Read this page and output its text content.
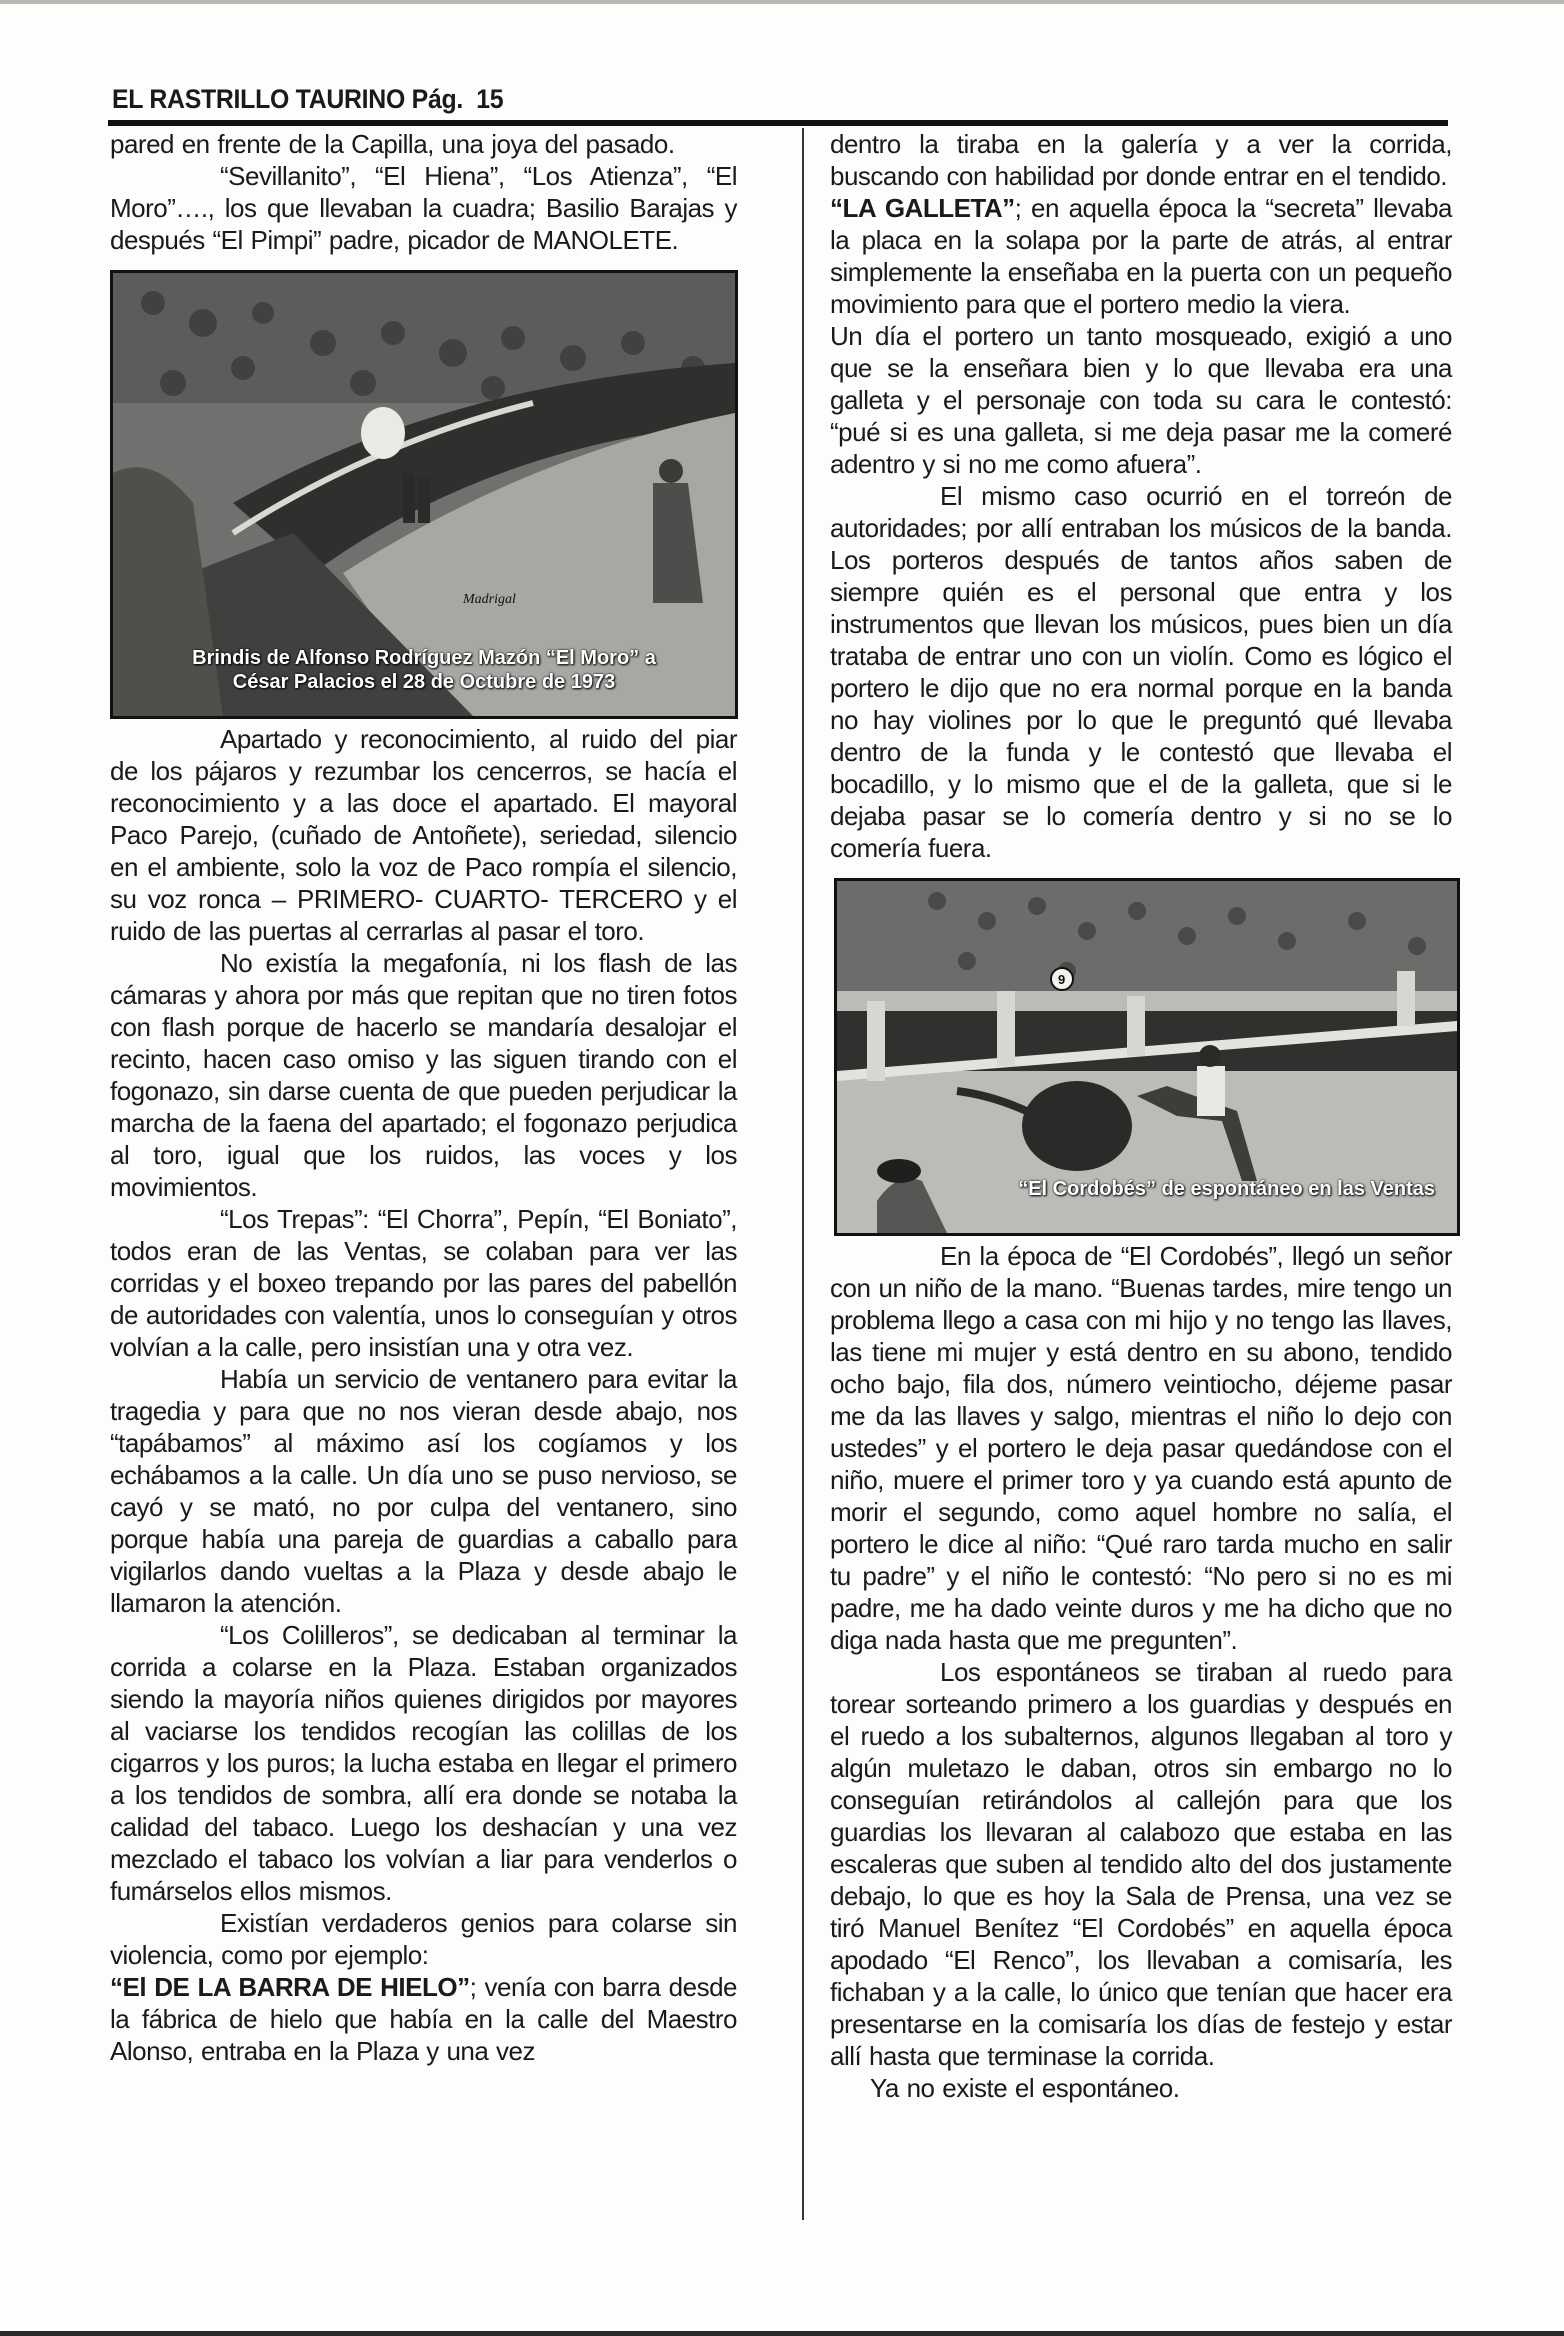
EL RASTRILLO TAURINO Pág. 15

pared en frente de la Capilla, una joya del pasado.

“Sevillanito”, “El Hiena”, “Los Atienza”, “El Moro”…., los que llevaban la cuadra; Basilio Barajas y después “El Pimpi” padre, picador de MANOLETE.

Madrigal
Brindis de Alfonso Rodríguez Mazón “El Moro” a
César Palacios el 28 de Octubre de 1973

Apartado y reconocimiento, al ruido del piar de los pájaros y rezumbar los cencerros, se hacía el reconocimiento y a las doce el apartado. El mayoral Paco Parejo, (cuñado de Antoñete), seriedad, silencio en el ambiente, solo la voz de Paco rompía el silencio, su voz ronca – PRIMERO- CUARTO- TERCERO y el ruido de las puertas al cerrarlas al pasar el toro.

No existía la megafonía, ni los flash de las cámaras y ahora por más que repitan que no tiren fotos con flash porque de hacerlo se mandaría desalojar el recinto, hacen caso omiso y las siguen tirando con el fogonazo, sin darse cuenta de que pueden perjudicar la marcha de la faena del apartado; el fogonazo perjudica al toro, igual que los ruidos, las voces y los movimientos.

“Los Trepas”: “El Chorra”, Pepín, “El Boniato”, todos eran de las Ventas, se colaban para ver las corridas y el boxeo trepando por las pares del pabellón de autoridades con valentía, unos lo conseguían y otros volvían a la calle, pero insistían una y otra vez.

Había un servicio de ventanero para evitar la tragedia y para que no nos vieran desde abajo, nos “tapábamos” al máximo así los cogíamos y los echábamos a la calle. Un día uno se puso nervioso, se cayó y se mató, no por culpa del ventanero, sino porque había una pareja de guardias a caballo para vigilarlos dando vueltas a la Plaza y desde abajo le llamaron la atención.

“Los Colilleros”, se dedicaban al terminar la corrida a colarse en la Plaza. Estaban organizados siendo la mayoría niños quienes dirigidos por mayores al vaciarse los tendidos recogían las colillas de los cigarros y los puros; la lucha estaba en llegar el primero a los tendidos de sombra, allí era donde se notaba la calidad del tabaco. Luego los deshacían y una vez mezclado el tabaco los volvían a liar para venderlos o fumárselos ellos mismos.

Existían verdaderos genios para colarse sin violencia, como por ejemplo:

“El DE LA BARRA DE HIELO”; venía con barra desde la fábrica de hielo que había en la calle del Maestro Alonso, entraba en la Plaza y una vez

dentro la tiraba en la galería y a ver la corrida, buscando con habilidad por donde entrar en el tendido.

“LA GALLETA”; en aquella época la “secreta” llevaba la placa en la solapa por la parte de atrás, al entrar simplemente la enseñaba en la puerta con un pequeño movimiento para que el portero medio la viera.

Un día el portero un tanto mosqueado, exigió a uno que se la enseñara bien y lo que llevaba era una galleta y el personaje con toda su cara le contestó: “pué si es una galleta, si me deja pasar me la comeré adentro y si no me como afuera”.

El mismo caso ocurrió en el torreón de autoridades; por allí entraban los músicos de la banda. Los porteros después de tantos años saben de siempre quién es el personal que entra y los instrumentos que llevan los músicos, pues bien un día trataba de entrar uno con un violín. Como es lógico el portero le dijo que no era normal porque en la banda no hay violines por lo que le preguntó qué llevaba dentro de la funda y le contestó que llevaba el bocadillo, y lo mismo que el de la galleta, que si le dejaba pasar se lo comería dentro y si no se lo comería fuera.

9
“El Cordobés” de espontáneo en las Ventas

En la época de “El Cordobés”, llegó un señor con un niño de la mano. “Buenas tardes, mire tengo un problema llego a casa con mi hijo y no tengo las llaves, las tiene mi mujer y está dentro en su abono, tendido ocho bajo, fila dos, número veintiocho, déjeme pasar me da las llaves y salgo, mientras el niño lo dejo con ustedes” y el portero le deja pasar quedándose con el niño, muere el primer toro y ya cuando está apunto de morir el segundo, como aquel hombre no salía, el portero le dice al niño: “Qué raro tarda mucho en salir tu padre” y el niño le contestó: “No pero si no es mi padre, me ha dado veinte duros y me ha dicho que no diga nada hasta que me pregunten”.

Los espontáneos se tiraban al ruedo para torear sorteando primero a los guardias y después en el ruedo a los subalternos, algunos llegaban al toro y algún muletazo le daban, otros sin embargo no lo conseguían retirándolos al callejón para que los guardias los llevaran al calabozo que estaba en las escaleras que suben al tendido alto del dos justamente debajo, lo que es hoy la Sala de Prensa, una vez se tiró Manuel Benítez “El Cordobés” en aquella época apodado “El Renco”, los llevaban a comisaría, les fichaban y a la calle, lo único que tenían que hacer era presentarse en la comisaría los días de festejo y estar allí hasta que terminase la corrida.

Ya no existe el espontáneo.
